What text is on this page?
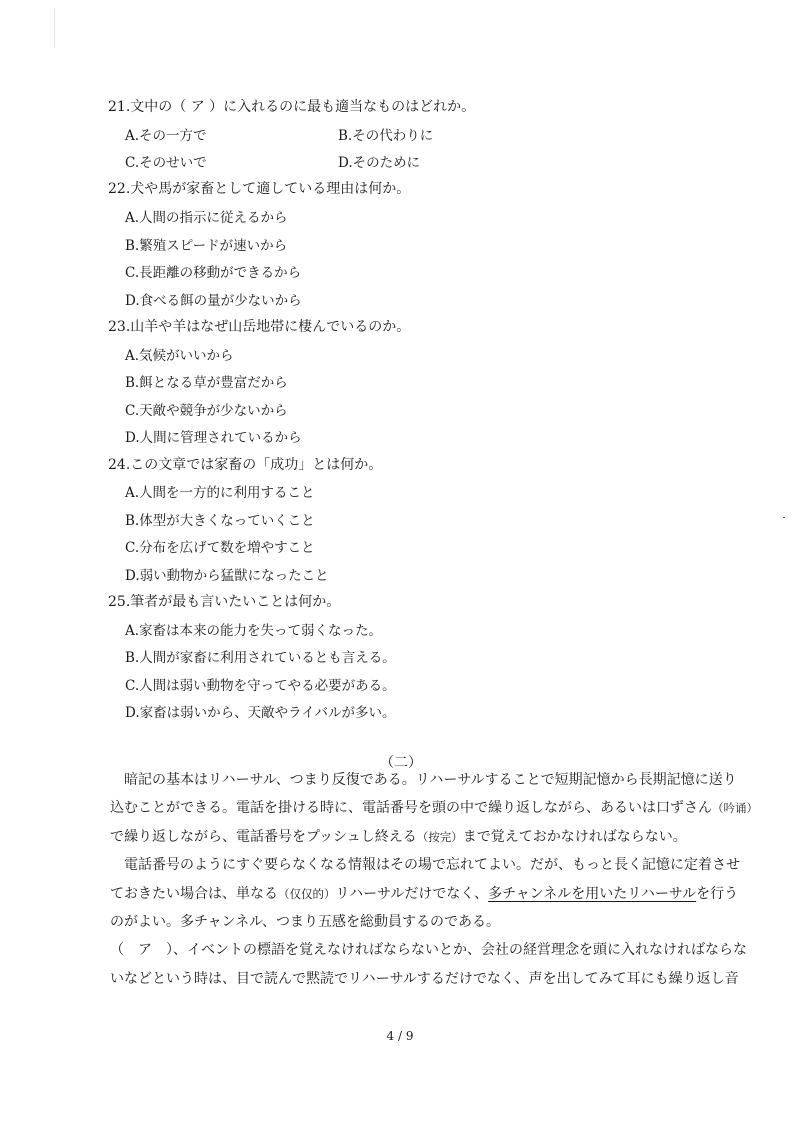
21.文中の（ ア ）に入れるのに最も適当なものはどれか。
A.その一方で	B.その代わりに
C.そのせいで	D.そのために
22.犬や馬が家畜として適している理由は何か。
A.人間の指示に従えるから
B.繁殖スピードが速いから
C.長距離の移動ができるから
D.食べる餌の量が少ないから
23.山羊や羊はなぜ山岳地帯に棲んでいるのか。
A.気候がいいから
B.餌となる草が豊富だから
C.天敵や競争が少ないから
D.人間に管理されているから
24.この文章では家畜の「成功」とは何か。
A.人間を一方的に利用すること
B.体型が大きくなっていくこと
C.分布を広げて数を増やすこと
D.弱い動物から猛獣になったこと
25.筆者が最も言いたいことは何か。
A.家畜は本来の能力を失って弱くなった。
B.人間が家畜に利用されているとも言える。
C.人間は弱い動物を守ってやる必要がある。
D.家畜は弱いから、天敵やライバルが多い。
（二）
暗記の基本はリハーサル、つまり反復である。リハーサルすることで短期記憶から長期記憶に送り
込むことができる。電話を掛ける時に、電話番号を頭の中で繰り返しながら、あるいは口ずさん（吟诵）
で繰り返しながら、電話番号をプッシュし終える（按完）まで覚えておかなければならない。
電話番号のようにすぐ要らなくなる情報はその場で忘れてよい。だが、もっと長く記憶に定着させ
ておきたい場合は、単なる（仅仅的）リハーサルだけでなく、多チャンネルを用いたリハーサルを行う
のがよい。多チャンネル、つまり五感を総動員するのである。
（　ア　）、イベントの標語を覚えなければならないとか、会社の経営理念を頭に入れなければならな
いなどという時は、目で読んで黙読でリハーサルするだけでなく、声を出してみて耳にも繰り返し音
4 / 9
